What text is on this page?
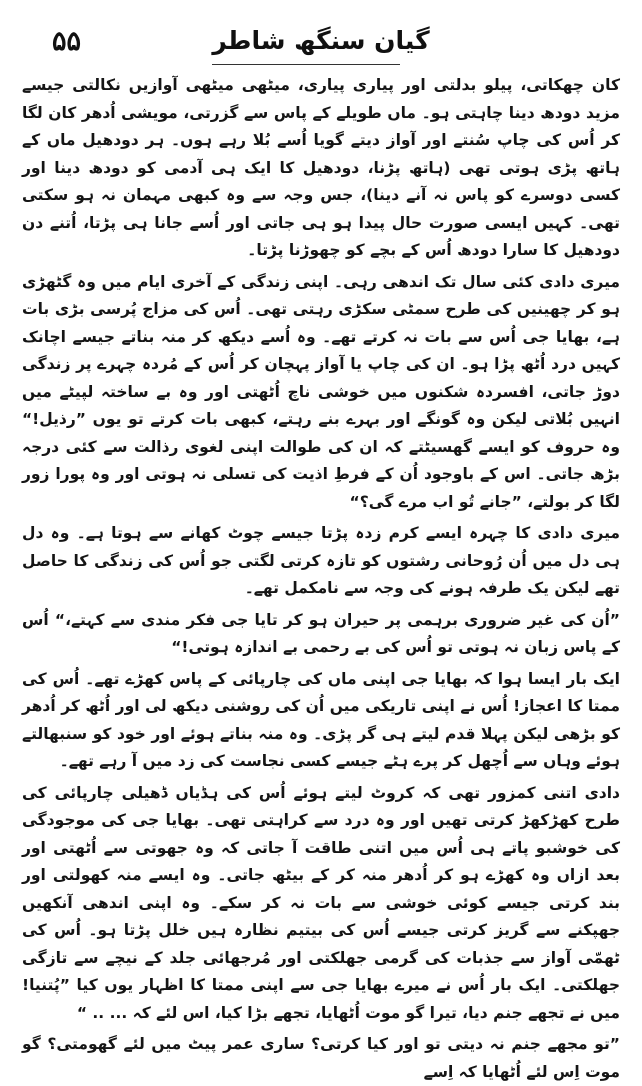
۵۵	گیان سنگھ شاطر

کان چھکاتی، پیلو بدلتی اور پیاری پیاری، میٹھی میٹھی آوازیں نکالتی جیسے مزید دودھ دینا چاہتی ہو۔ ماں طویلے کے پاس سے گزرتی، مویشی اُدھر کان لگا کر اُس کی چاپ سُنتے اور آواز دیتے گویا اُسے بُلا رہے ہوں۔ ہر دودھیل ماں کے ہاتھ پڑی ہوتی تھی (ہاتھ پڑنا، دودھیل کا ایک ہی آدمی کو دودھ دینا اور کسی دوسرے کو پاس نہ آنے دینا)، جس وجہ سے وہ کبھی مہمان نہ ہو سکتی تھی۔ کہیں ایسی صورت حال پیدا ہو ہی جاتی اور اُسے جانا ہی پڑتا، اُتنے دن دودھیل کا سارا دودھ اُس کے بچے کو چھوڑنا پڑتا۔

میری دادی کئی سال تک اندھی رہی۔ اپنی زندگی کے آخری ایام میں وہ گٹھڑی ہو کر چھینیں کی طرح سمٹی سکڑی رہتی تھی۔ اُس کی مزاج پُرسی بڑی بات ہے، بھایا جی اُس سے بات نہ کرتے تھے۔ وہ اُسے دیکھ کر منہ بناتے جیسے اچانک کہیں درد اُٹھ پڑا ہو۔ ان کی چاپ یا آواز پہچان کر اُس کے مُردہ چہرے پر زندگی دوڑ جاتی، افسردہ شکنوں میں خوشی ناچ اُٹھتی اور وہ بے ساختہ لپیٹے میں انہیں بُلاتی لیکن وہ گونگے اور بہرے بنے رہتے، کبھی بات کرتے تو یوں ”رذیل!“ وہ حروف کو ایسے گھسیٹتے کہ ان کی طوالت اپنی لغوی رذالت سے کئی درجہ بڑھ جاتی۔ اس کے باوجود اُن کے فرطِ اذیت کی تسلی نہ ہوتی اور وہ پورا زور لگا کر بولتے، ”جانے تُو اب مرے گی؟“

میری دادی کا چہرہ ایسے کرم زدہ پڑتا جیسے چوٹ کھانے سے ہوتا ہے۔ وہ دل ہی دل میں اُن رُوحانی رشتوں کو تازہ کرتی لگتی جو اُس کی زندگی کا حاصل تھے لیکن یک طرفہ ہونے کی وجہ سے نامکمل تھے۔

”اُن کی غیر ضروری برہمی پر حیران ہو کر تایا جی فکر مندی سے کہتے،“ اُس کے پاس زبان نہ ہوتی تو اُس کی بے رحمی بے اندازہ ہوتی!“

ایک بار ایسا ہوا کہ بھایا جی اپنی ماں کی چارپائی کے پاس کھڑے تھے۔ اُس کی ممتا کا اعجاز! اُس نے اپنی تاریکی میں اُن کی روشنی دیکھ لی اور اُٹھ کر اُدھر کو بڑھی لیکن پہلا قدم لیتے ہی گر پڑی۔ وہ منہ بناتے ہوئے اور خود کو سنبھالتے ہوئے وہاں سے اُچھل کر پرے ہٹے جیسے کسی نجاست کی زد میں آ رہے تھے۔

دادی اتنی کمزور تھی کہ کروٹ لیتے ہوئے اُس کی ہڈیاں ڈھیلی چارپائی کی طرح کھڑکھڑ کرتی تھیں اور وہ درد سے کراہتی تھی۔ بھایا جی کی موجودگی کی خوشبو پاتے ہی اُس میں اتنی طاقت آ جاتی کہ وہ جھوتی سے اُٹھتی اور بعد ازاں وہ کھڑے ہو کر اُدھر منہ کر کے بیٹھ جاتی۔ وہ ایسے منہ کھولتی اور بند کرتی جیسے کوئی خوشی سے بات نہ کر سکے۔ وہ اپنی اندھی آنکھیں جھپکنے سے گریز کرتی جیسے اُس کی بیتیم نظارہ ہیں خلل پڑتا ہو۔ اُس کی ٹھمّی آواز سے جذبات کی گرمی جھلکتی اور مُرجھائی جلد کے نیچے سے تازگی جھلکتی۔ ایک بار اُس نے میرے بھایا جی سے اپنی ممتا کا اظہار یوں کیا ”پُتنیا! میں نے تجھے جنم دیا، تیرا گو موت اُٹھایا، تجھے بڑا کیا، اس لئے کہ ... .. “

”تو مجھے جنم نہ دیتی تو اور کیا کرتی؟ ساری عمر پیٹ میں لئے گھومتی؟ گو موت اِس لئے اُٹھایا کہ اِسے
